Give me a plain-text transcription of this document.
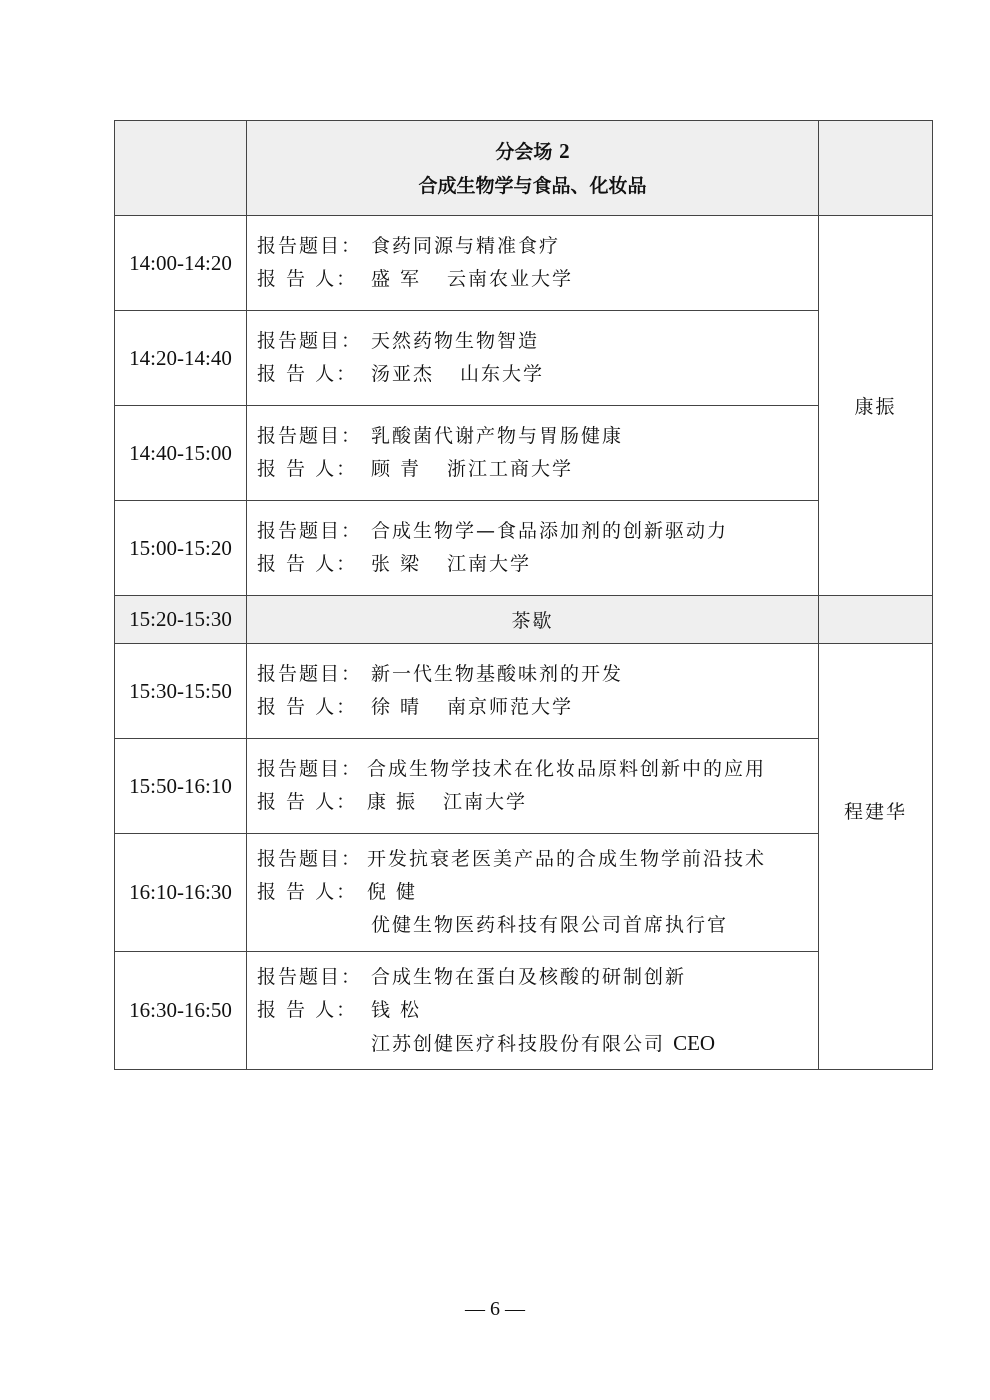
	分会场 2
合成生物学与食品、化妆品	

14:00-14:20	报告题目： 食药同源与精准食疗
报 告 人： 盛 军 云南农业大学	康振
14:20-14:40	报告题目： 天然药物生物智造
报 告 人： 汤亚杰 山东大学	

14:40-15:00	报告题目： 乳酸菌代谢产物与胃肠健康
报 告 人： 顾 青 浙江工商大学	

15:00-15:20	报告题目： 合成生物学—食品添加剂的创新驱动力
报 告 人： 张 梁 江南大学	

15:20-15:30	茶歇	
15:30-15:50	报告题目： 新一代生物基酸味剂的开发
报 告 人： 徐 晴 南京师范大学	程建华

15:50-16:10	报告题目： 合成生物学技术在化妆品原料创新中的应用
报 告 人： 康 振 江南大学	

16:10-16:30	报告题目： 开发抗衰老医美产品的合成生物学前沿技术
报 告 人： 倪 健
优健生物医药科技有限公司首席执行官	

16:30-16:50	报告题目： 合成生物在蛋白及核酸的研制创新
报 告 人： 钱 松
江苏创健医疗科技股份有限公司 CEO	
— 6 —
